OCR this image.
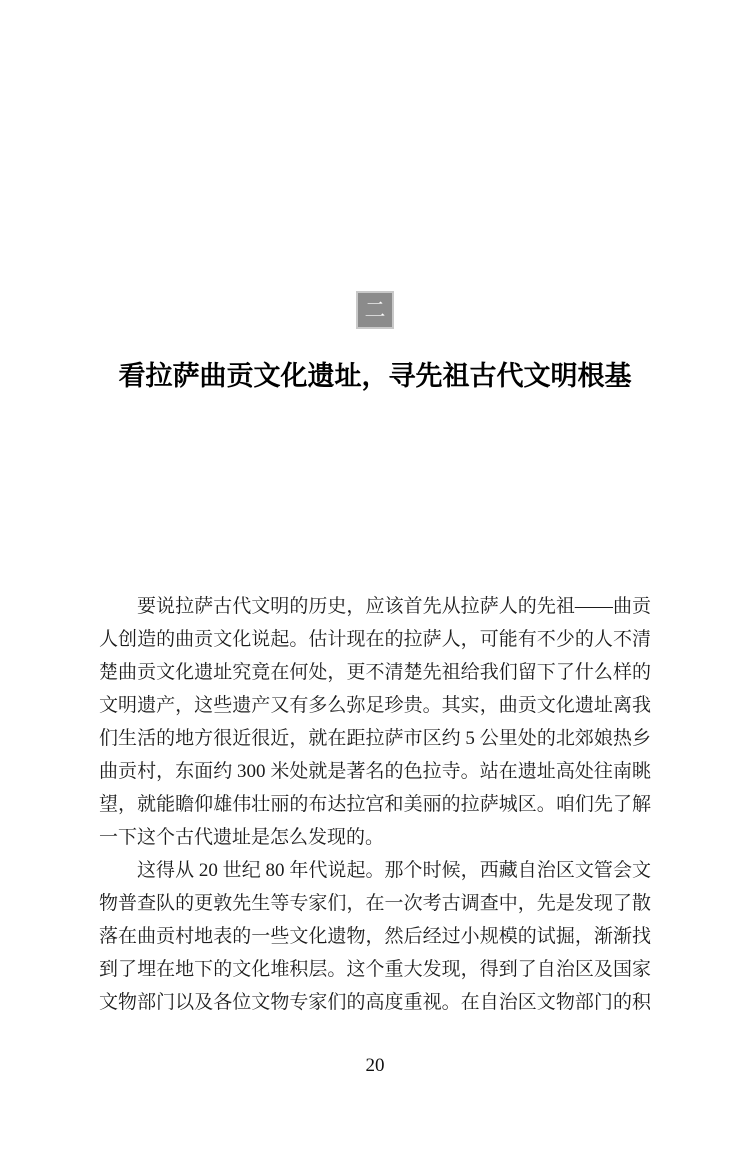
二
看拉萨曲贡文化遗址，寻先祖古代文明根基
要说拉萨古代文明的历史，应该首先从拉萨人的先祖——曲贡
人创造的曲贡文化说起。估计现在的拉萨人，可能有不少的人不清
楚曲贡文化遗址究竟在何处，更不清楚先祖给我们留下了什么样的
文明遗产，这些遗产又有多么弥足珍贵。其实，曲贡文化遗址离我
们生活的地方很近很近，就在距拉萨市区约 5 公里处的北郊娘热乡
曲贡村，东面约 300 米处就是著名的色拉寺。站在遗址高处往南眺
望，就能瞻仰雄伟壮丽的布达拉宫和美丽的拉萨城区。咱们先了解
一下这个古代遗址是怎么发现的。
这得从 20 世纪 80 年代说起。那个时候，西藏自治区文管会文
物普查队的更敦先生等专家们，在一次考古调查中，先是发现了散
落在曲贡村地表的一些文化遗物，然后经过小规模的试掘，渐渐找
到了埋在地下的文化堆积层。这个重大发现，得到了自治区及国家
文物部门以及各位文物专家们的高度重视。在自治区文物部门的积
20
